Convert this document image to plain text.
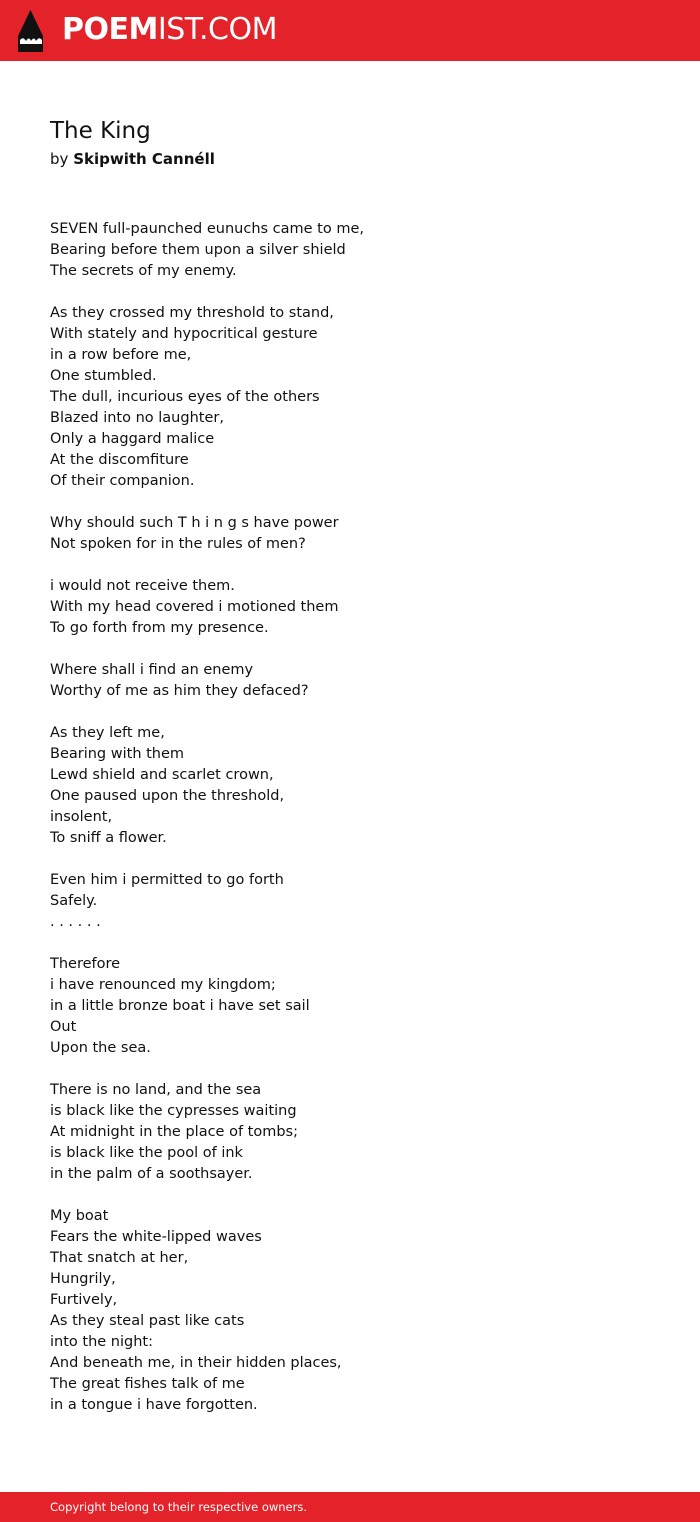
POEMIST.COM
The King

by Skipwith Cannéll

SEVEN full-paunched eunuchs came to me,
Bearing before them upon a silver shield
The secrets of my enemy.
As they crossed my threshold to stand,
With stately and hypocritical gesture
in a row before me,
One stumbled.
The dull, incurious eyes of the others
Blazed into no laughter,
Only a haggard malice
At the discomfiture
Of their companion.
Why should such T h i n g s have power
Not spoken for in the rules of men?
i would not receive them.
With my head covered i motioned them
To go forth from my presence.
Where shall i find an enemy
Worthy of me as him they defaced?
As they left me,
Bearing with them
Lewd shield and scarlet crown,
One paused upon the threshold,
insolent,
To sniff a flower.
Even him i permitted to go forth
Safely.
. . . . . .
Therefore
i have renounced my kingdom;
in a little bronze boat i have set sail
Out
Upon the sea.
There is no land, and the sea
is black like the cypresses waiting
At midnight in the place of tombs;
is black like the pool of ink
in the palm of a soothsayer.
My boat
Fears the white-lipped waves
That snatch at her,
Hungrily,
Furtively,
As they steal past like cats
into the night:
And beneath me, in their hidden places,
The great fishes talk of me
in a tongue i have forgotten.
Copyright belong to their respective owners.
